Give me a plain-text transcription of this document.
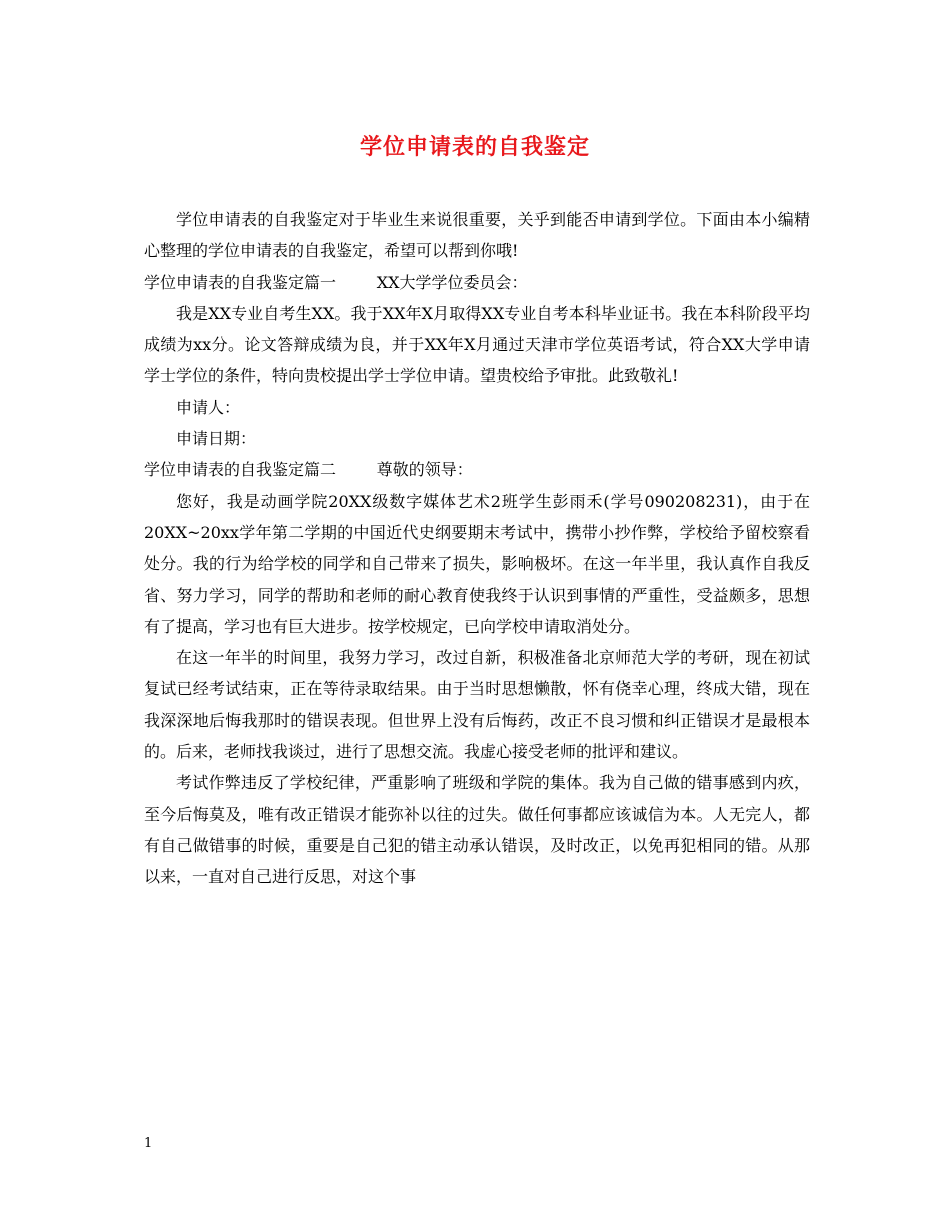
学位申请表的自我鉴定

学位申请表的自我鉴定对于毕业生来说很重要，关乎到能否申请到学位。下面由本小编精心整理的学位申请表的自我鉴定，希望可以帮到你哦!

学位申请表的自我鉴定篇一        XX大学学位委员会：

我是XX专业自考生XX。我于XX年X月取得XX专业自考本科毕业证书。我在本科阶段平均成绩为xx分。论文答辩成绩为良，并于XX年X月通过天津市学位英语考试，符合XX大学申请学士学位的条件，特向贵校提出学士学位申请。望贵校给予审批。此致敬礼!

申请人：

申请日期：

学位申请表的自我鉴定篇二        尊敬的领导：

您好，我是动画学院20XX级数字媒体艺术2班学生彭雨禾(学号090208231)，由于在20XX~20xx学年第二学期的中国近代史纲要期末考试中，携带小抄作弊，学校给予留校察看处分。我的行为给学校的同学和自己带来了损失，影响极坏。在这一年半里，我认真作自我反省、努力学习，同学的帮助和老师的耐心教育使我终于认识到事情的严重性，受益颇多，思想有了提高，学习也有巨大进步。按学校规定，已向学校申请取消处分。

在这一年半的时间里，我努力学习，改过自新，积极准备北京师范大学的考研，现在初试复试已经考试结束，正在等待录取结果。由于当时思想懒散，怀有侥幸心理，终成大错，现在我深深地后悔我那时的错误表现。但世界上没有后悔药，改正不良习惯和纠正错误才是最根本的。后来，老师找我谈过，进行了思想交流。我虚心接受老师的批评和建议。

考试作弊违反了学校纪律，严重影响了班级和学院的集体。我为自己做的错事感到内疚，至今后悔莫及，唯有改正错误才能弥补以往的过失。做任何事都应该诚信为本。人无完人，都有自己做错事的时候，重要是自己犯的错主动承认错误，及时改正，以免再犯相同的错。从那以来，一直对自己进行反思，对这个事

1
